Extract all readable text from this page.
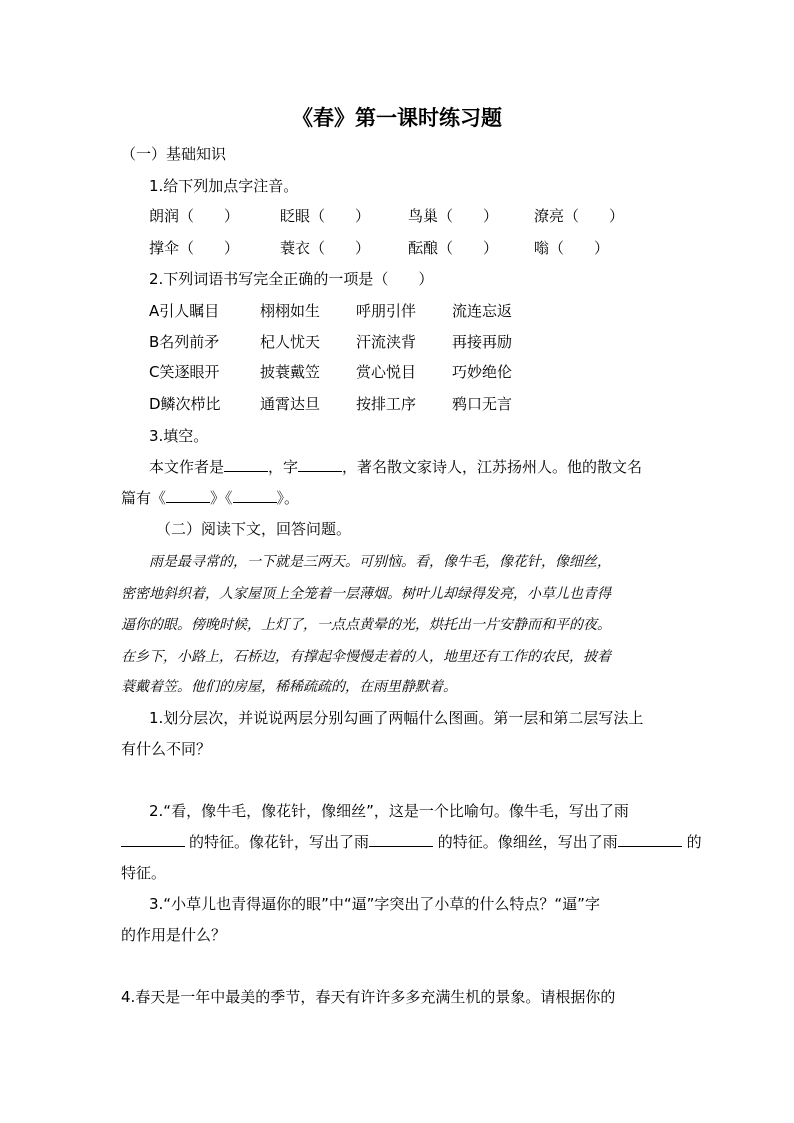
《春》第一课时练习题
（一）基础知识
1.给下列加点字注音。
朗润（　　）	眨眼（　　）	鸟巢（　　） 潦亮（　　）
撑伞（　　）	蓑衣（　　）	酝酿（　　） 嗡（　　）
2.下列词语书写完全正确的一项是（　　）
A引人瞩目	栩栩如生 呼朋引伴 流连忘返
B名列前矛	杞人忧天 汗流浃背 再接再励
C笑逐眼开	披蓑戴笠 赏心悦目 巧妙绝伦
D鳞次栉比	通霄达旦 按排工序 鸦口无言
3.填空。
本文作者是	，字	，著名散文家诗人，江苏扬州人。他的散文名
篇有《	》《	》。
（二）阅读下文，回答问题。
雨是最寻常的，一下就是三两天。可别恼。看，像牛毛，像花针，像细丝，
密密地斜织着，人家屋顶上全笼着一层薄烟。树叶儿却绿得发亮，小草儿也青得
逼你的眼。傍晚时候，上灯了，一点点黄晕的光，烘托出一片安静而和平的夜。
在乡下，小路上，石桥边，有撑起伞慢慢走着的人，地里还有工作的农民，披着
蓑戴着笠。他们的房屋，稀稀疏疏的，在雨里静默着。
1.划分层次，并说说两层分别勾画了两幅什么图画。第一层和第二层写法上
有什么不同？
2.“看，像牛毛，像花针，像细丝”，这是一个比喻句。像牛毛，写出了雨
的特征。像花针，写出了雨	的特征。像细丝，写出了雨	的
特征。
3.“小草儿也青得逼你的眼”中“逼”字突出了小草的什么特点？“逼”字
的作用是什么？
4.春天是一年中最美的季节，春天有许许多多充满生机的景象。请根据你的
